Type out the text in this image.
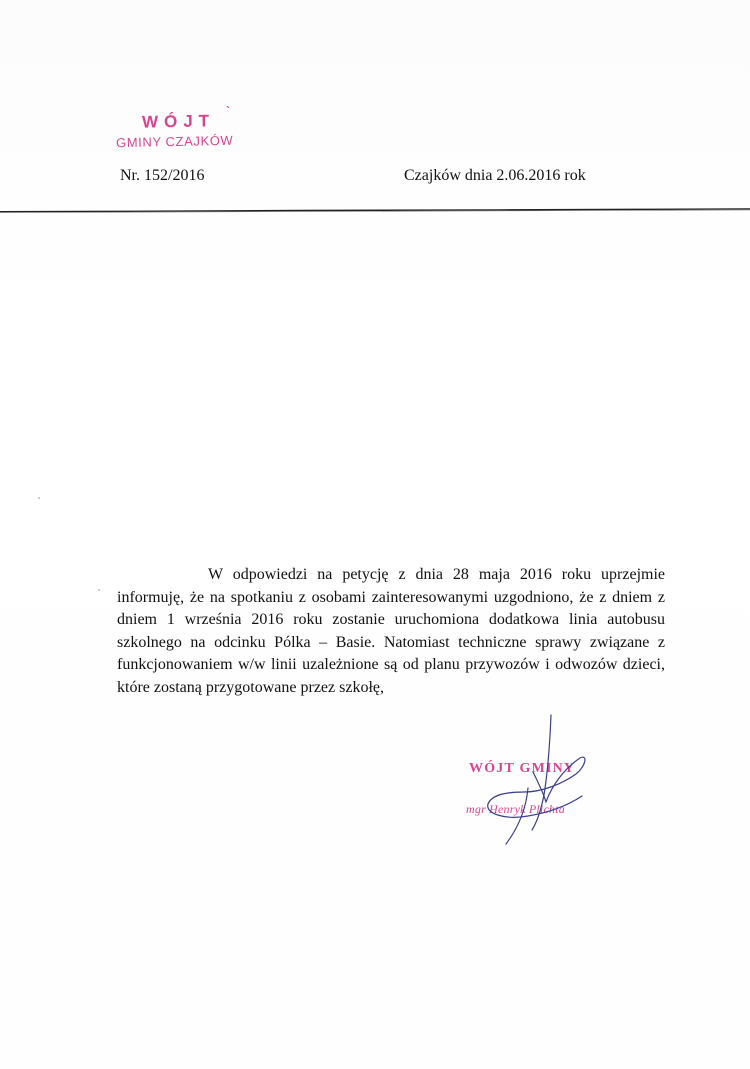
WÓJT
`
GMINY CZAJKÓW
Nr. 152/2016	Czajków dnia 2.06.2016 rok

W odpowiedzi na petycję z dnia 28 maja 2016 roku uprzejmie informuję, że na spotkaniu z osobami zainteresowanymi uzgodniono, że z dniem z dniem 1 września 2016 roku zostanie uruchomiona dodatkowa linia autobusu szkolnego na odcinku Pólka – Basie. Natomiast techniczne sprawy związane z funkcjonowaniem w/w linii uzależnione są od planu przywozów i odwozów dzieci, które zostaną przygotowane przez szkołę,

WÓJT GMINY
mgr Henryk Plichta
